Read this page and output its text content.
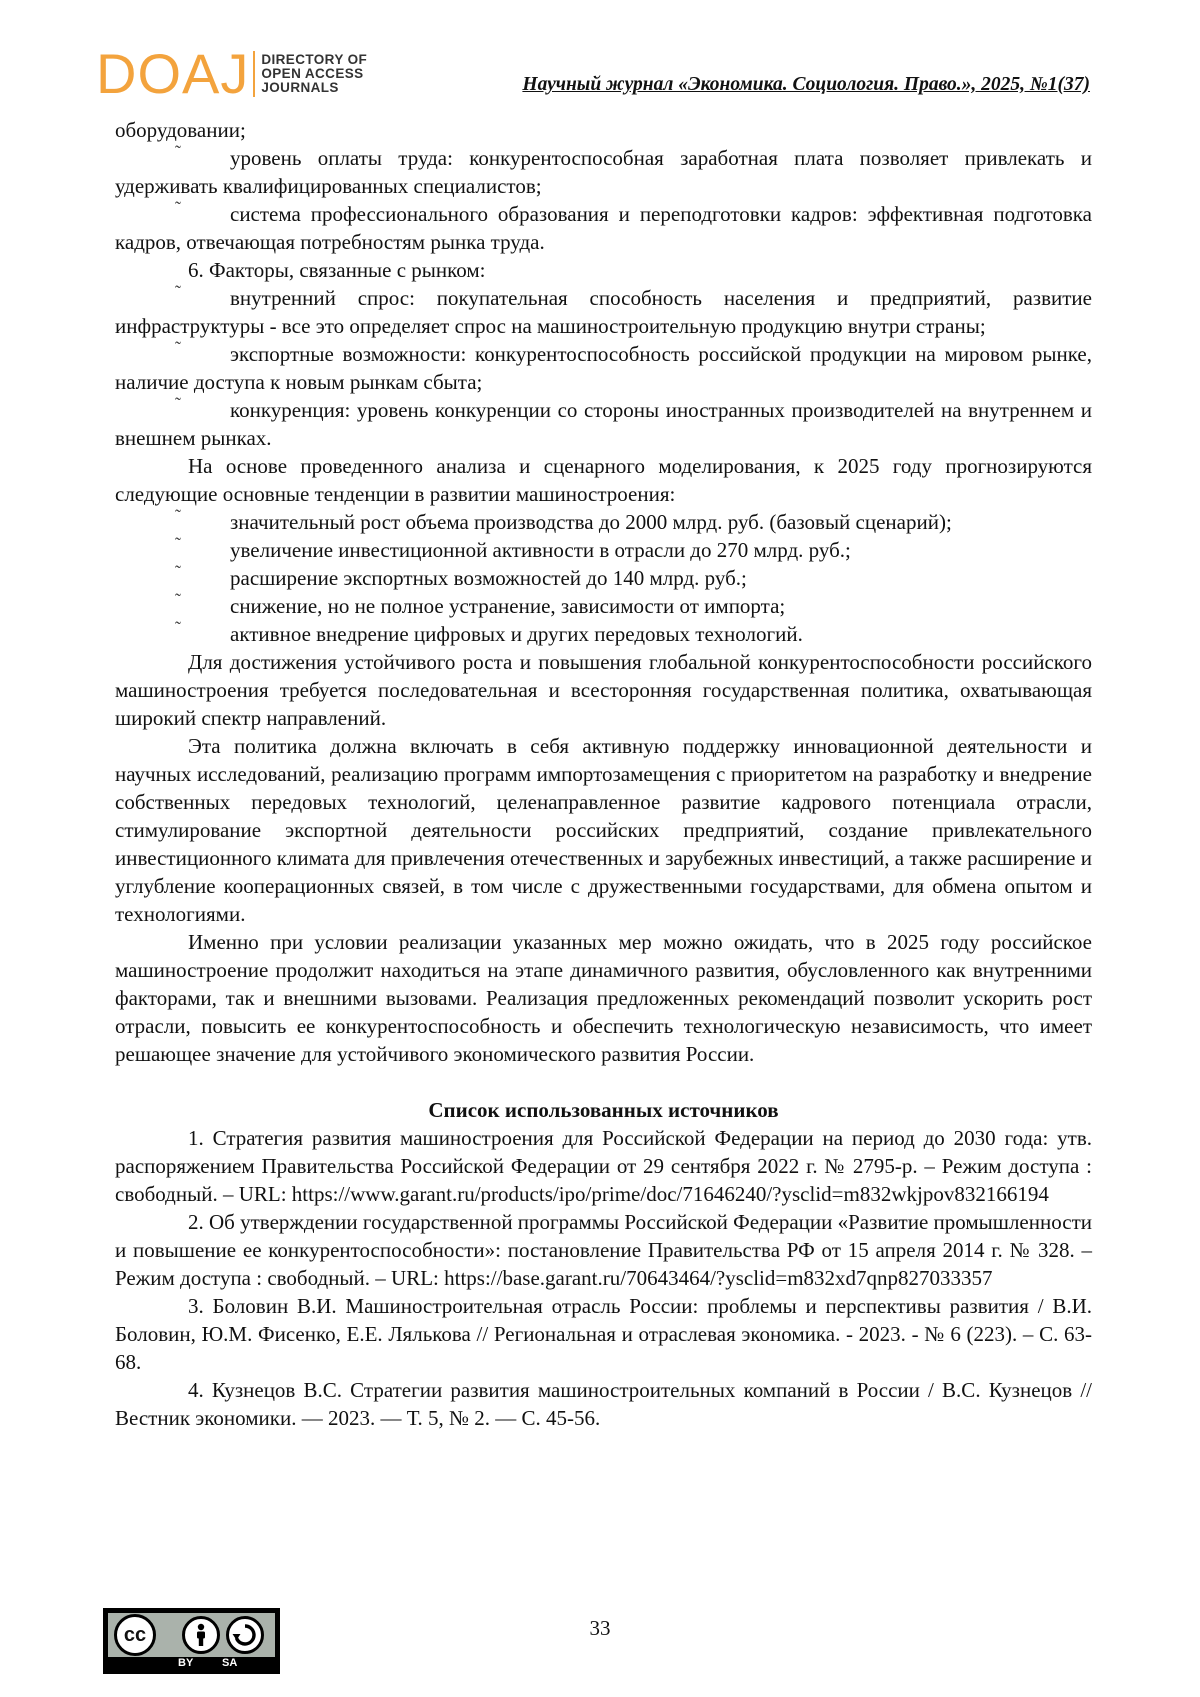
DOAJ DIRECTORY OF
OPEN ACCESS
JOURNALS	Научный журнал «Экономика. Социология. Право.», 2025, №1(37)

оборудовании;

˜ уровень оплаты труда: конкурентоспособная заработная плата позволяет привлекать и удерживать квалифицированных специалистов;

˜ система профессионального образования и переподготовки кадров: эффективная подготовка кадров, отвечающая потребностям рынка труда.

6. Факторы, связанные с рынком:

˜ внутренний спрос: покупательная способность населения и предприятий, развитие инфраструктуры - все это определяет спрос на машиностроительную продукцию внутри страны;

˜ экспортные возможности: конкурентоспособность российской продукции на мировом рынке, наличие доступа к новым рынкам сбыта;

˜ конкуренция: уровень конкуренции со стороны иностранных производителей на внутреннем и внешнем рынках.

На основе проведенного анализа и сценарного моделирования, к 2025 году прогнозируются следующие основные тенденции в развитии машиностроения:

˜ значительный рост объема производства до 2000 млрд. руб. (базовый сценарий);

˜ увеличение инвестиционной активности в отрасли до 270 млрд. руб.;

˜ расширение экспортных возможностей до 140 млрд. руб.;

˜ снижение, но не полное устранение, зависимости от импорта;

˜ активное внедрение цифровых и других передовых технологий.

Для достижения устойчивого роста и повышения глобальной конкурентоспособности российского машиностроения требуется последовательная и всесторонняя государственная политика, охватывающая широкий спектр направлений.

Эта политика должна включать в себя активную поддержку инновационной деятельности и научных исследований, реализацию программ импортозамещения с приоритетом на разработку и внедрение собственных передовых технологий, целенаправленное развитие кадрового потенциала отрасли, стимулирование экспортной деятельности российских предприятий, создание привлекательного инвестиционного климата для привлечения отечественных и зарубежных инвестиций, а также расширение и углубление кооперационных связей, в том числе с дружественными государствами, для обмена опытом и технологиями.

Именно при условии реализации указанных мер можно ожидать, что в 2025 году российское машиностроение продолжит находиться на этапе динамичного развития, обусловленного как внутренними факторами, так и внешними вызовами. Реализация предложенных рекомендаций позволит ускорить рост отрасли, повысить ее конкурентоспособность и обеспечить технологическую независимость, что имеет решающее значение для устойчивого экономического развития России.

Список использованных источников

1. Стратегия развития машиностроения для Российской Федерации на период до 2030 года: утв. распоряжением Правительства Российской Федерации от 29 сентября 2022 г. № 2795-р. – Режим доступа : свободный. – URL: https://www.garant.ru/products/ipo/prime/doc/71646240/?ysclid=m832wkjpov832166194

2. Об утверждении государственной программы Российской Федерации «Развитие промышленности и повышение ее конкурентоспособности»: постановление Правительства РФ от 15 апреля 2014 г. № 328. – Режим доступа : свободный. – URL: https://base.garant.ru/70643464/?ysclid=m832xd7qnp827033357

3. Боловин В.И. Машиностроительная отрасль России: проблемы и перспективы развития / В.И. Боловин, Ю.М. Фисенко, Е.Е. Лялькова // Региональная и отраслевая экономика. - 2023. - № 6 (223). – С. 63-68.

4. Кузнецов В.С. Стратегии развития машиностроительных компаний в России / В.С. Кузнецов // Вестник экономики. — 2023. — Т. 5, № 2. — С. 45-56.

cc
BY	SA
33
